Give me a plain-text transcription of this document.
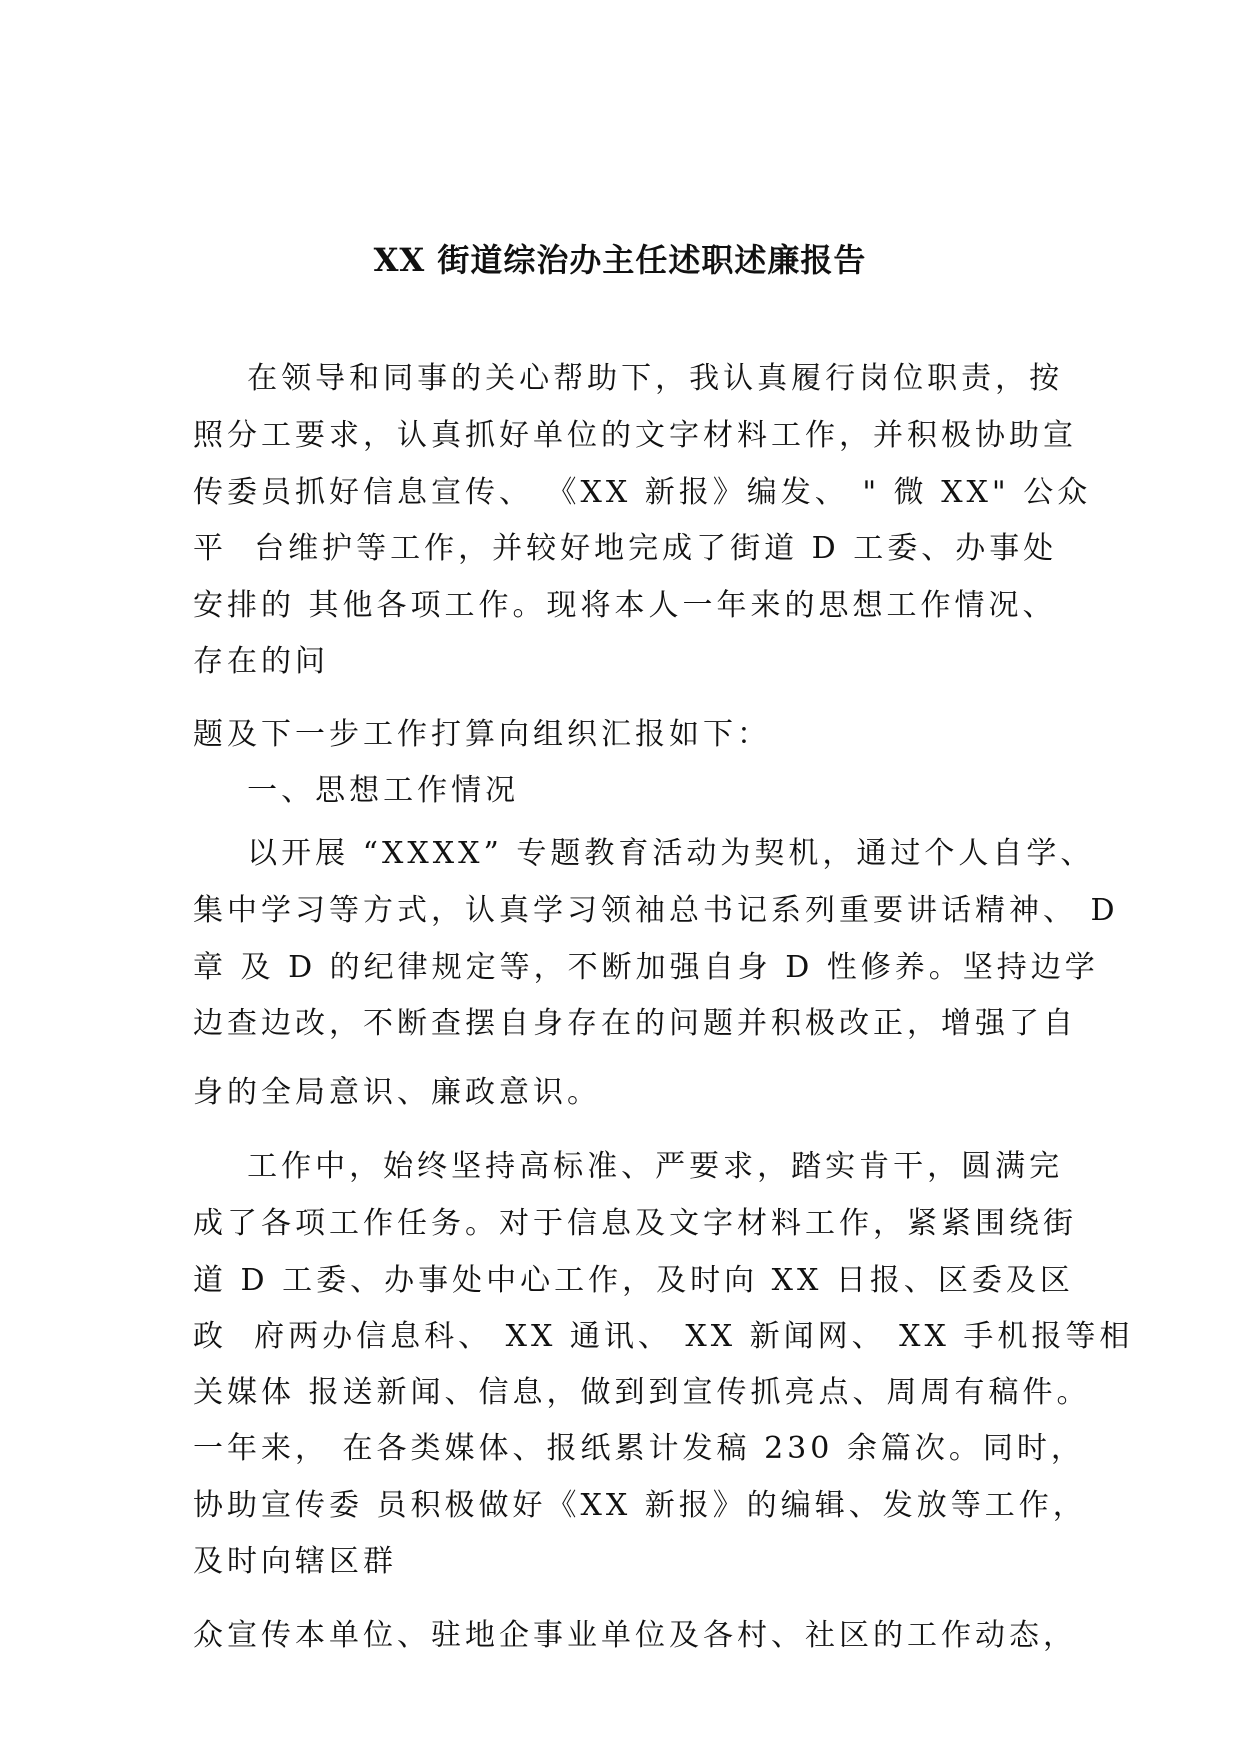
XX 街道综治办主任述职述廉报告
在领导和同事的关心帮助下，我认真履行岗位职责，按
照分工要求，认真抓好单位的文字材料工作，并积极协助宣
传委员抓好信息宣传、 《XX 新报》编发、 " 微 XX" 公众
平  台维护等工作，并较好地完成了街道 D 工委、办事处
安排的 其他各项工作。现将本人一年来的思想工作情况、
存在的问
题及下一步工作打算向组织汇报如下：
一、思想工作情况
以开展 “XXXX” 专题教育活动为契机，通过个人自学、
集中学习等方式，认真学习领袖总书记系列重要讲话精神、 D
章 及 D 的纪律规定等，不断加强自身 D 性修养。坚持边学
边查边改，不断查摆自身存在的问题并积极改正，增强了自
身的全局意识、廉政意识。
工作中，始终坚持高标准、严要求，踏实肯干，圆满完
成了各项工作任务。对于信息及文字材料工作，紧紧围绕街
道 D 工委、办事处中心工作，及时向 XX 日报、区委及区
政  府两办信息科、 XX 通讯、 XX 新闻网、 XX 手机报等相
关媒体 报送新闻、信息，做到到宣传抓亮点、周周有稿件。
一年来， 在各类媒体、报纸累计发稿 230 余篇次。同时，
协助宣传委 员积极做好《XX 新报》的编辑、发放等工作，
及时向辖区群
众宣传本单位、驻地企事业单位及各村、社区的工作动态，
